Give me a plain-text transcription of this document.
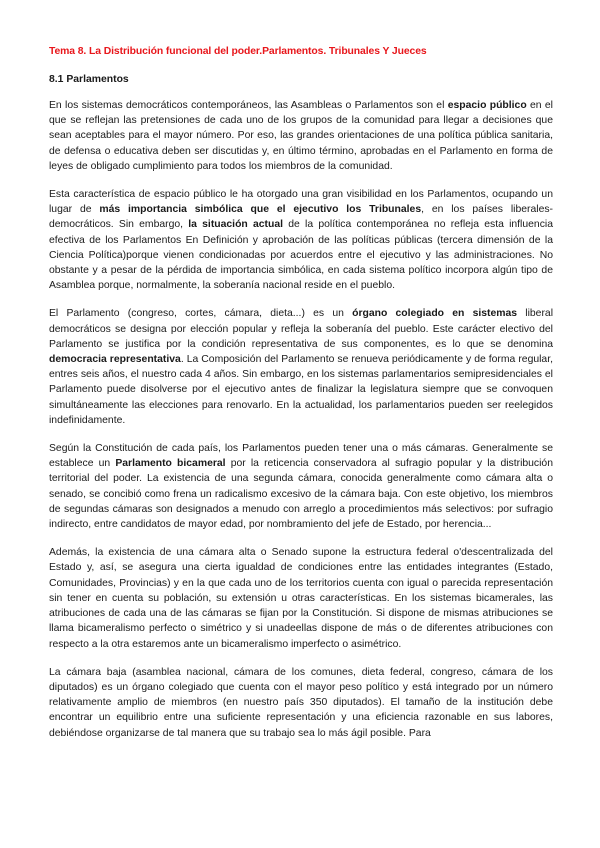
Tema 8. La Distribución funcional del poder.Parlamentos. Tribunales Y Jueces
8.1 Parlamentos

En los sistemas democráticos contemporáneos, las Asambleas o Parlamentos son el espacio público en el que se reflejan las pretensiones de cada uno de los grupos de la comunidad para llegar a decisiones que sean aceptables para el mayor número. Por eso, las grandes orientaciones de una política pública sanitaria, de defensa o educativa deben ser discutidas y, en último término, aprobadas en el Parlamento en forma de leyes de obligado cumplimiento para todos los miembros de la comunidad.

Esta característica de espacio público le ha otorgado una gran visibilidad en los Parlamentos, ocupando un lugar de más importancia simbólica que el ejecutivo los Tribunales, en los países liberales-democráticos. Sin embargo, la situación actual de la política contemporánea no refleja esta influencia efectiva de los Parlamentos En Definición y aprobación de las políticas públicas (tercera dimensión de la Ciencia Política)porque vienen condicionadas por acuerdos entre el ejecutivo y las administraciones. No obstante y a pesar de la pérdida de importancia simbólica, en cada sistema político incorpora algún tipo de Asamblea porque, normalmente, la soberanía nacional reside en el pueblo.

El Parlamento (congreso, cortes, cámara, dieta...) es un órgano colegiado en sistemas liberal democráticos se designa por elección popular y refleja la soberanía del pueblo. Este carácter electivo del Parlamento se justifica por la condición representativa de sus componentes, es lo que se denomina democracia representativa. La Composición del Parlamento se renueva periódicamente y de forma regular, entres seis años, el nuestro cada 4 años. Sin embargo, en los sistemas parlamentarios semipresidenciales el Parlamento puede disolverse por el ejecutivo antes de finalizar la legislatura siempre que se convoquen simultáneamente las elecciones para renovarlo. En la actualidad, los parlamentarios pueden ser reelegidos indefinidamente.

Según la Constitución de cada país, los Parlamentos pueden tener una o más cámaras. Generalmente se establece un Parlamento bicameral por la reticencia conservadora al sufragio popular y la distribución territorial del poder. La existencia de una segunda cámara, conocida generalmente como cámara alta o senado, se concibió como frena un radicalismo excesivo de la cámara baja. Con este objetivo, los miembros de segundas cámaras son designados a menudo con arreglo a procedimientos más selectivos: por sufragio indirecto, entre candidatos de mayor edad, por nombramiento del jefe de Estado, por herencia...

Además, la existencia de una cámara alta o Senado supone la estructura federal o'descentralizada del Estado y, así, se asegura una cierta igualdad de condiciones entre las entidades integrantes (Estado, Comunidades, Provincias) y en la que cada uno de los territorios cuenta con igual o parecida representación sin tener en cuenta su población, su extensión u otras características. En los sistemas bicamerales, las atribuciones de cada una de las cámaras se fijan por la Constitución. Si dispone de mismas atribuciones se llama bicameralismo perfecto o simétrico y si unadeellas dispone de más o de diferentes atribuciones con respecto a la otra estaremos ante un bicameralismo imperfecto o asimétrico.

La cámara baja (asamblea nacional, cámara de los comunes, dieta federal, congreso, cámara de los diputados) es un órgano colegiado que cuenta con el mayor peso político y está integrado por un número relativamente amplio de miembros (en nuestro país 350 diputados). El tamaño de la institución debe encontrar un equilibrio entre una suficiente representación y una eficiencia razonable en sus labores, debiéndose organizarse de tal manera que su trabajo sea lo más ágil posible. Para
